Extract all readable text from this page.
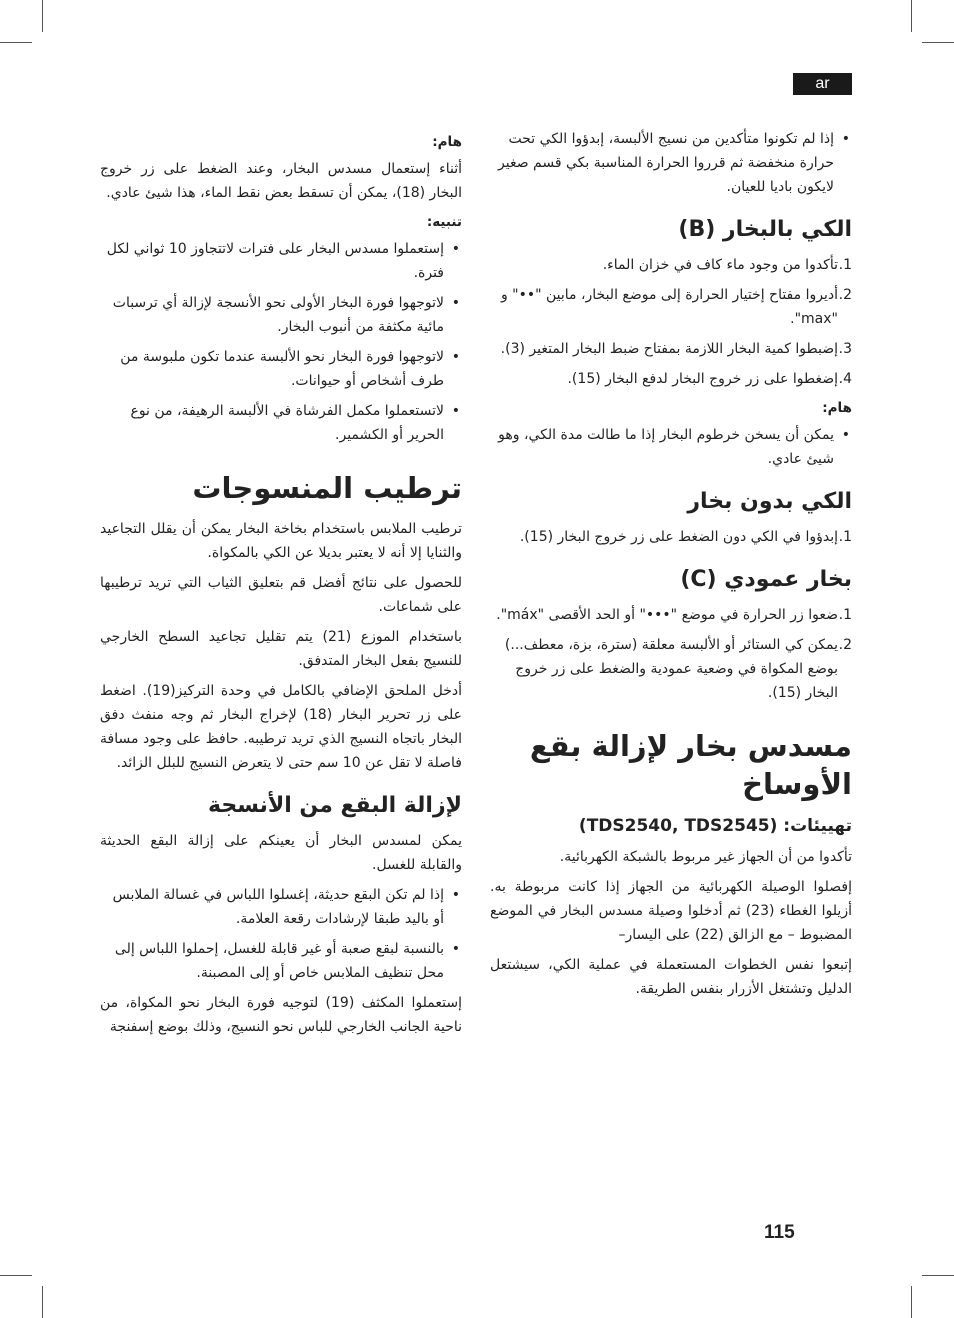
ar
• إذا لم تكونوا متأكدين من نسيج الألبسة، إبدؤوا الكي تحت حرارة منخفضة ثم قرروا الحرارة المناسبة بكي قسم صغير لايكون باديا للعيان.
الكي بالبخار (B)
1.
تأكدوا من وجود ماء كاف في خزان الماء.
2.
أديروا مفتاح إختيار الحرارة إلى موضع البخار، مابين "••" و "max".
3.
إضبطوا كمية البخار اللازمة بمفتاح ضبط البخار المتغير (3).
4.
إضغطوا على زر خروج البخار لدفع البخار (15).
هام:
• يمكن أن يسخن خرطوم البخار إذا ما طالت مدة الكي، وهو شيئ عادي.
الكي بدون بخار
1.
إبدؤوا في الكي دون الضغط على زر خروج البخار (15).
بخار عمودي (C)
1.
ضعوا زر الحرارة في موضع "•••" أو الحد الأقصى "máx".
2.
يمكن كي الستائر أو الألبسة معلقة (سترة، بزة، معطف...) بوضع المكواة في وضعية عمودية والضغط على زر خروج البخار (15).
مسدس بخار لإزالة بقع الأوساخ
تهييئات: (TDS2540, TDS2545)

تأكدوا من أن الجهاز غير مربوط بالشبكة الكهربائية.

إفصلوا الوصيلة الكهربائية من الجهاز إذا كانت مربوطة به. أزيلوا الغطاء (23) ثم أدخلوا وصيلة مسدس البخار في الموضع المضبوط – مع الزالق (22) على اليسار–

إتبعوا نفس الخطوات المستعملة في عملية الكي، سيشتعل الدليل وتشتغل الأزرار بنفس الطريقة.

هام:

أثناء إستعمال مسدس البخار، وعند الضغط على زر خروج البخار (18)، يمكن أن تسقط بعض نقط الماء، هذا شيئ عادي.

تنبيه:
• إستعملوا مسدس البخار على فترات لاتتجاوز 10 ثواني لكل فترة.
• لاتوجهوا فورة البخار الأولى نحو الأنسجة لإزالة أي ترسبات مائية مكثفة من أنبوب البخار.
• لاتوجهوا فورة البخار نحو الألبسة عندما تكون ملبوسة من طرف أشخاص أو حيوانات.
• لاتستعملوا مكمل الفرشاة في الألبسة الرهيفة، من نوع الحرير أو الكشمير.
ترطيب المنسوجات

ترطيب الملابس باستخدام بخاخة البخار يمكن أن يقلل التجاعيد والثنايا إلا أنه لا يعتبر بديلا عن الكي بالمكواة.

للحصول على نتائج أفضل قم بتعليق الثياب التي تريد ترطيبها على شماعات.

باستخدام الموزع (21) يتم تقليل تجاعيد السطح الخارجي للنسيج بفعل البخار المتدفق.

أدخل الملحق الإضافي بالكامل في وحدة التركيز(19). اضغط على زر تحرير البخار (18) لإخراج البخار ثم وجه منفث دفق البخار باتجاه النسيج الذي تريد ترطيبه. حافظ على وجود مسافة فاصلة لا تقل عن 10 سم حتى لا يتعرض النسيج للبلل الزائد.

لإزالة البقع من الأنسجة

يمكن لمسدس البخار أن يعينكم على إزالة البقع الحديثة والقابلة للغسل.

• إذا لم تكن البقع حديثة، إغسلوا اللباس في غسالة الملابس أو باليد طبقا لإرشادات رقعة العلامة.
• بالنسبة لبقع صعبة أو غير قابلة للغسل، إحملوا اللباس إلى محل تنظيف الملابس خاص أو إلى المصبنة.

إستعملوا المكثف (19) لتوجيه فورة البخار نحو المكواة، من ناحية الجانب الخارجي للباس نحو النسيج، وذلك بوضع إسفنجة

115
